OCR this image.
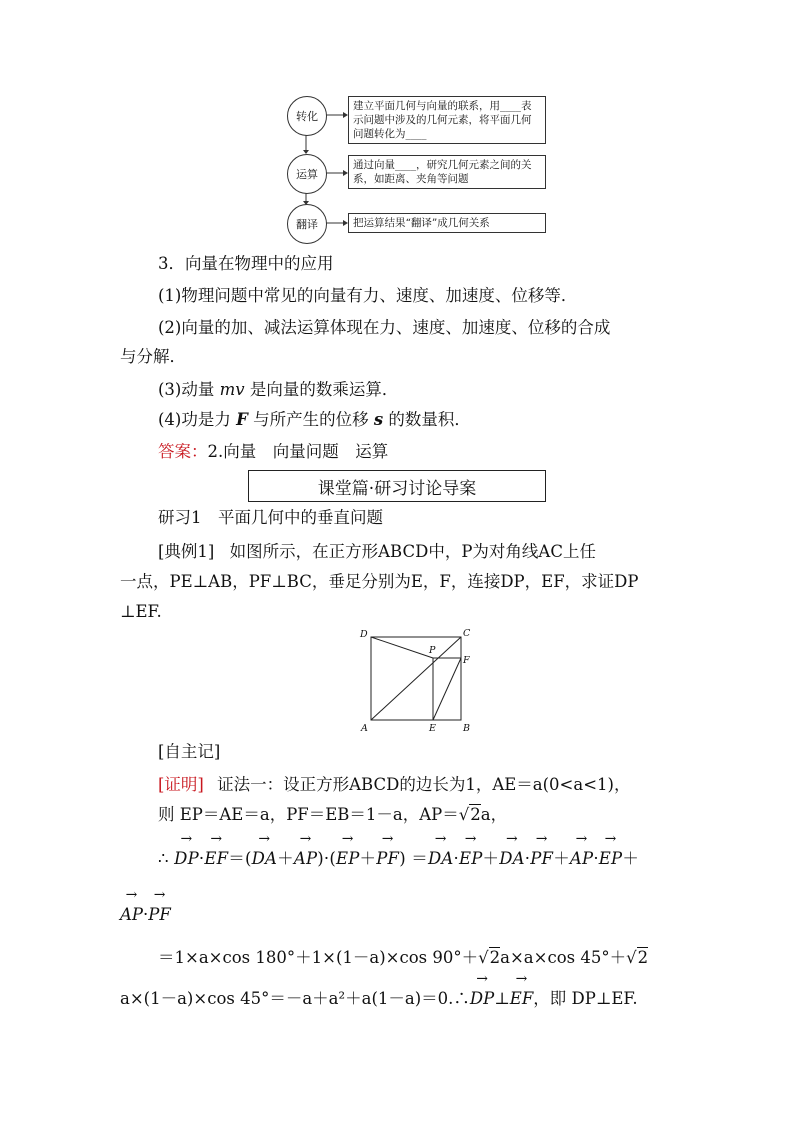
转化
建立平面几何与向量的联系，用____表示问题中涉及的几何元素，将平面几何问题转化为____
运算
通过向量____，研究几何元素之间的关系，如距离、夹角等问题
翻译	把运算结果“翻译”成几何关系
3．向量在物理中的应用
(1)物理问题中常见的向量有力、速度、加速度、位移等．
(2)向量的加、减法运算体现在力、速度、加速度、位移的合成
与分解．
(3)动量 mv 是向量的数乘运算．
(4)功是力 F 与所产生的位移 s 的数量积．
答案：2.向量　向量问题　运算
课堂篇·研习讨论导案
研习1　平面几何中的垂直问题
[典例1] 如图所示，在正方形ABCD中，P为对角线AC上任
一点，PE⊥AB，PF⊥BC，垂足分别为E，F，连接DP，EF，求证DP
⊥EF.
A	B
C
D
E
F
P
[自主记]
[证明] 证法一：设正方形ABCD的边长为1，AE＝a(0<a<1)，
则 EP＝AE＝a，PF＝EB＝1－a，AP＝√2a，
∴ → DP·→ EF＝(→ DA＋→ AP)·(→ EP＋→ PF) ＝→ DA·→ EP＋→ DA·→ PF＋→ AP·→ EP＋
→ AP·→ PF
＝1×a×cos 180°＋1×(1－a)×cos 90°＋√2a×a×cos 45°＋√2
a×(1－a)×cos 45°＝－a＋a²＋a(1－a)＝0.∴→ DP⊥→ EF，即 DP⊥EF.
